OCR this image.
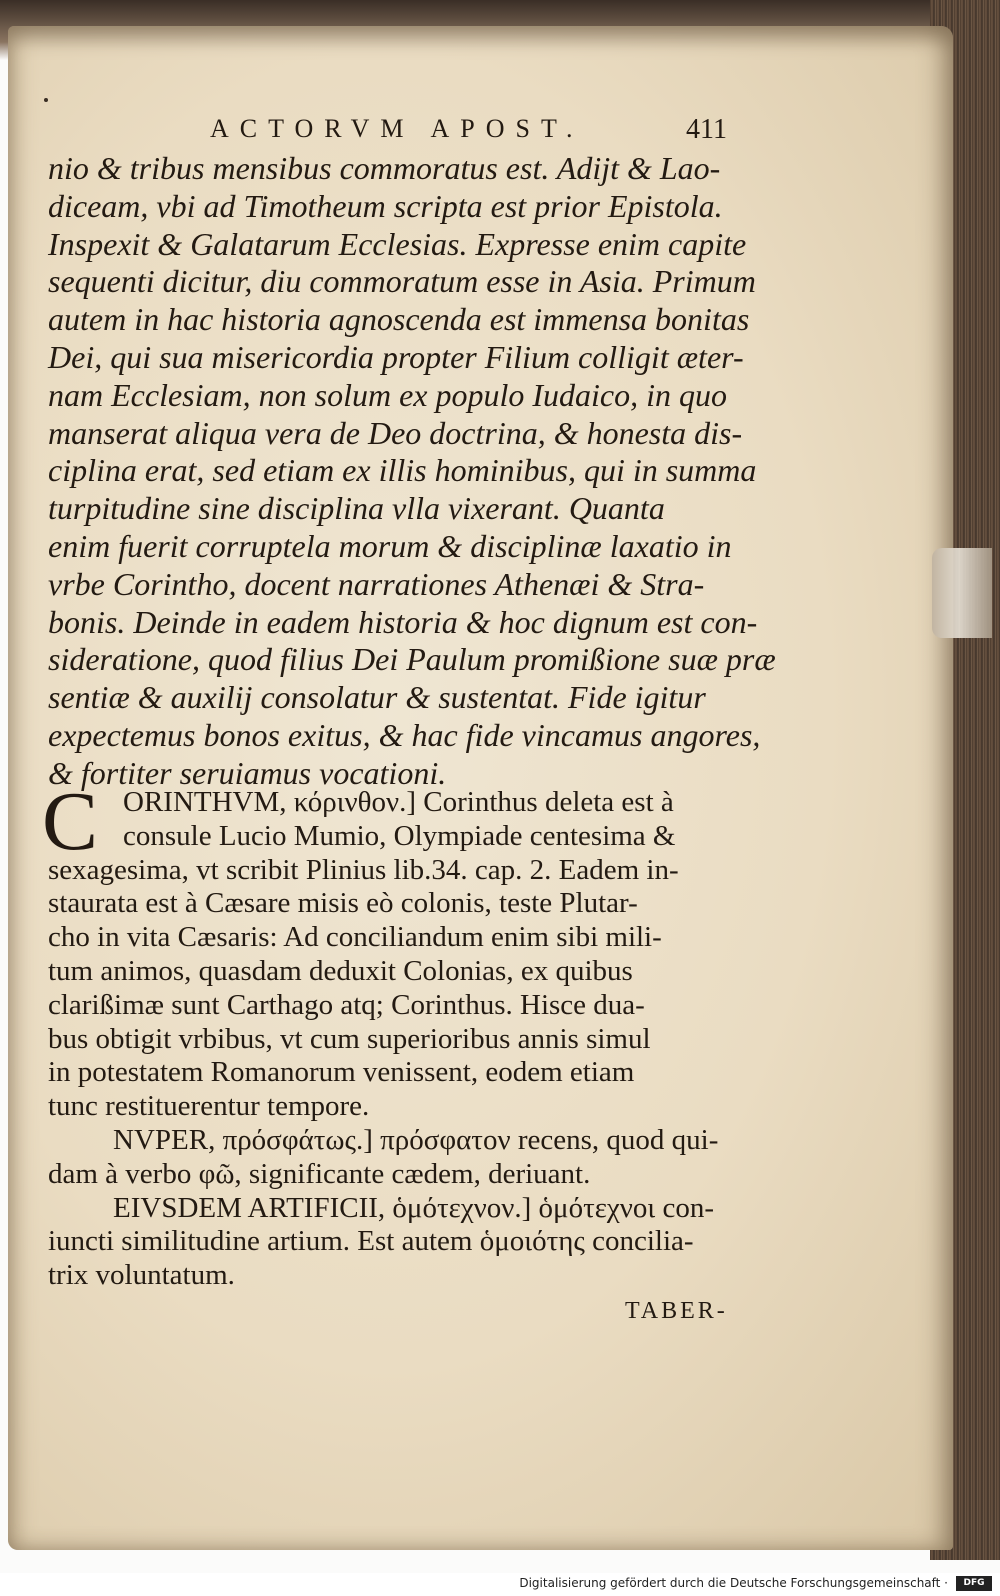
ACTORVM APOST.	411
nio & tribus mensibus commoratus est. Adijt & Lao-
diceam, vbi ad Timotheum scripta est prior Epistola.
Inspexit & Galatarum Ecclesias. Expresse enim capite
sequenti dicitur, diu commoratum esse in Asia. Primum
autem in hac historia agnoscenda est immensa bonitas
Dei, qui sua misericordia propter Filium colligit æter-
nam Ecclesiam, non solum ex populo Iudaico, in quo
manserat aliqua vera de Deo doctrina, & honesta dis-
ciplina erat, sed etiam ex illis hominibus, qui in summa
turpitudine sine disciplina vlla vixerant. Quanta
enim fuerit corruptela morum & disciplinæ laxatio in
vrbe Corintho, docent narrationes Athenæi & Stra-
bonis. Deinde in eadem historia & hoc dignum est con-
sideratione, quod filius Dei Paulum promißione suæ præ
sentiæ & auxilij consolatur & sustentat. Fide igitur
expectemus bonos exitus, & hac fide vincamus angores,
& fortiter seruiamus vocationi.
C ORINTHVM, κόρινθον.] Corinthus deleta est à
consule Lucio Mumio, Olympiade centesima &
sexagesima, vt scribit Plinius lib.34. cap. 2. Eadem in-
staurata est à Cæsare misis eò colonis, teste Plutar-
cho in vita Cæsaris: Ad conciliandum enim sibi mili-
tum animos, quasdam deduxit Colonias, ex quibus
clarißimæ sunt Carthago atq; Corinthus. Hisce dua-
bus obtigit vrbibus, vt cum superioribus annis simul
in potestatem Romanorum venissent, eodem etiam
tunc restituerentur tempore.
NVPER, πρόσφάτως.] πρόσφατον recens, quod qui-
dam à verbo φῶ, significante cædem, deriuant.
EIVSDEM ARTIFICII, ὁμότεχνον.] ὁμότεχνοι con-
iuncti similitudine artium. Est autem ὁμοιότης concilia-
trix voluntatum.
TABER-
Digitalisierung gefördert durch die Deutsche Forschungsgemeinschaft ·	DFG
